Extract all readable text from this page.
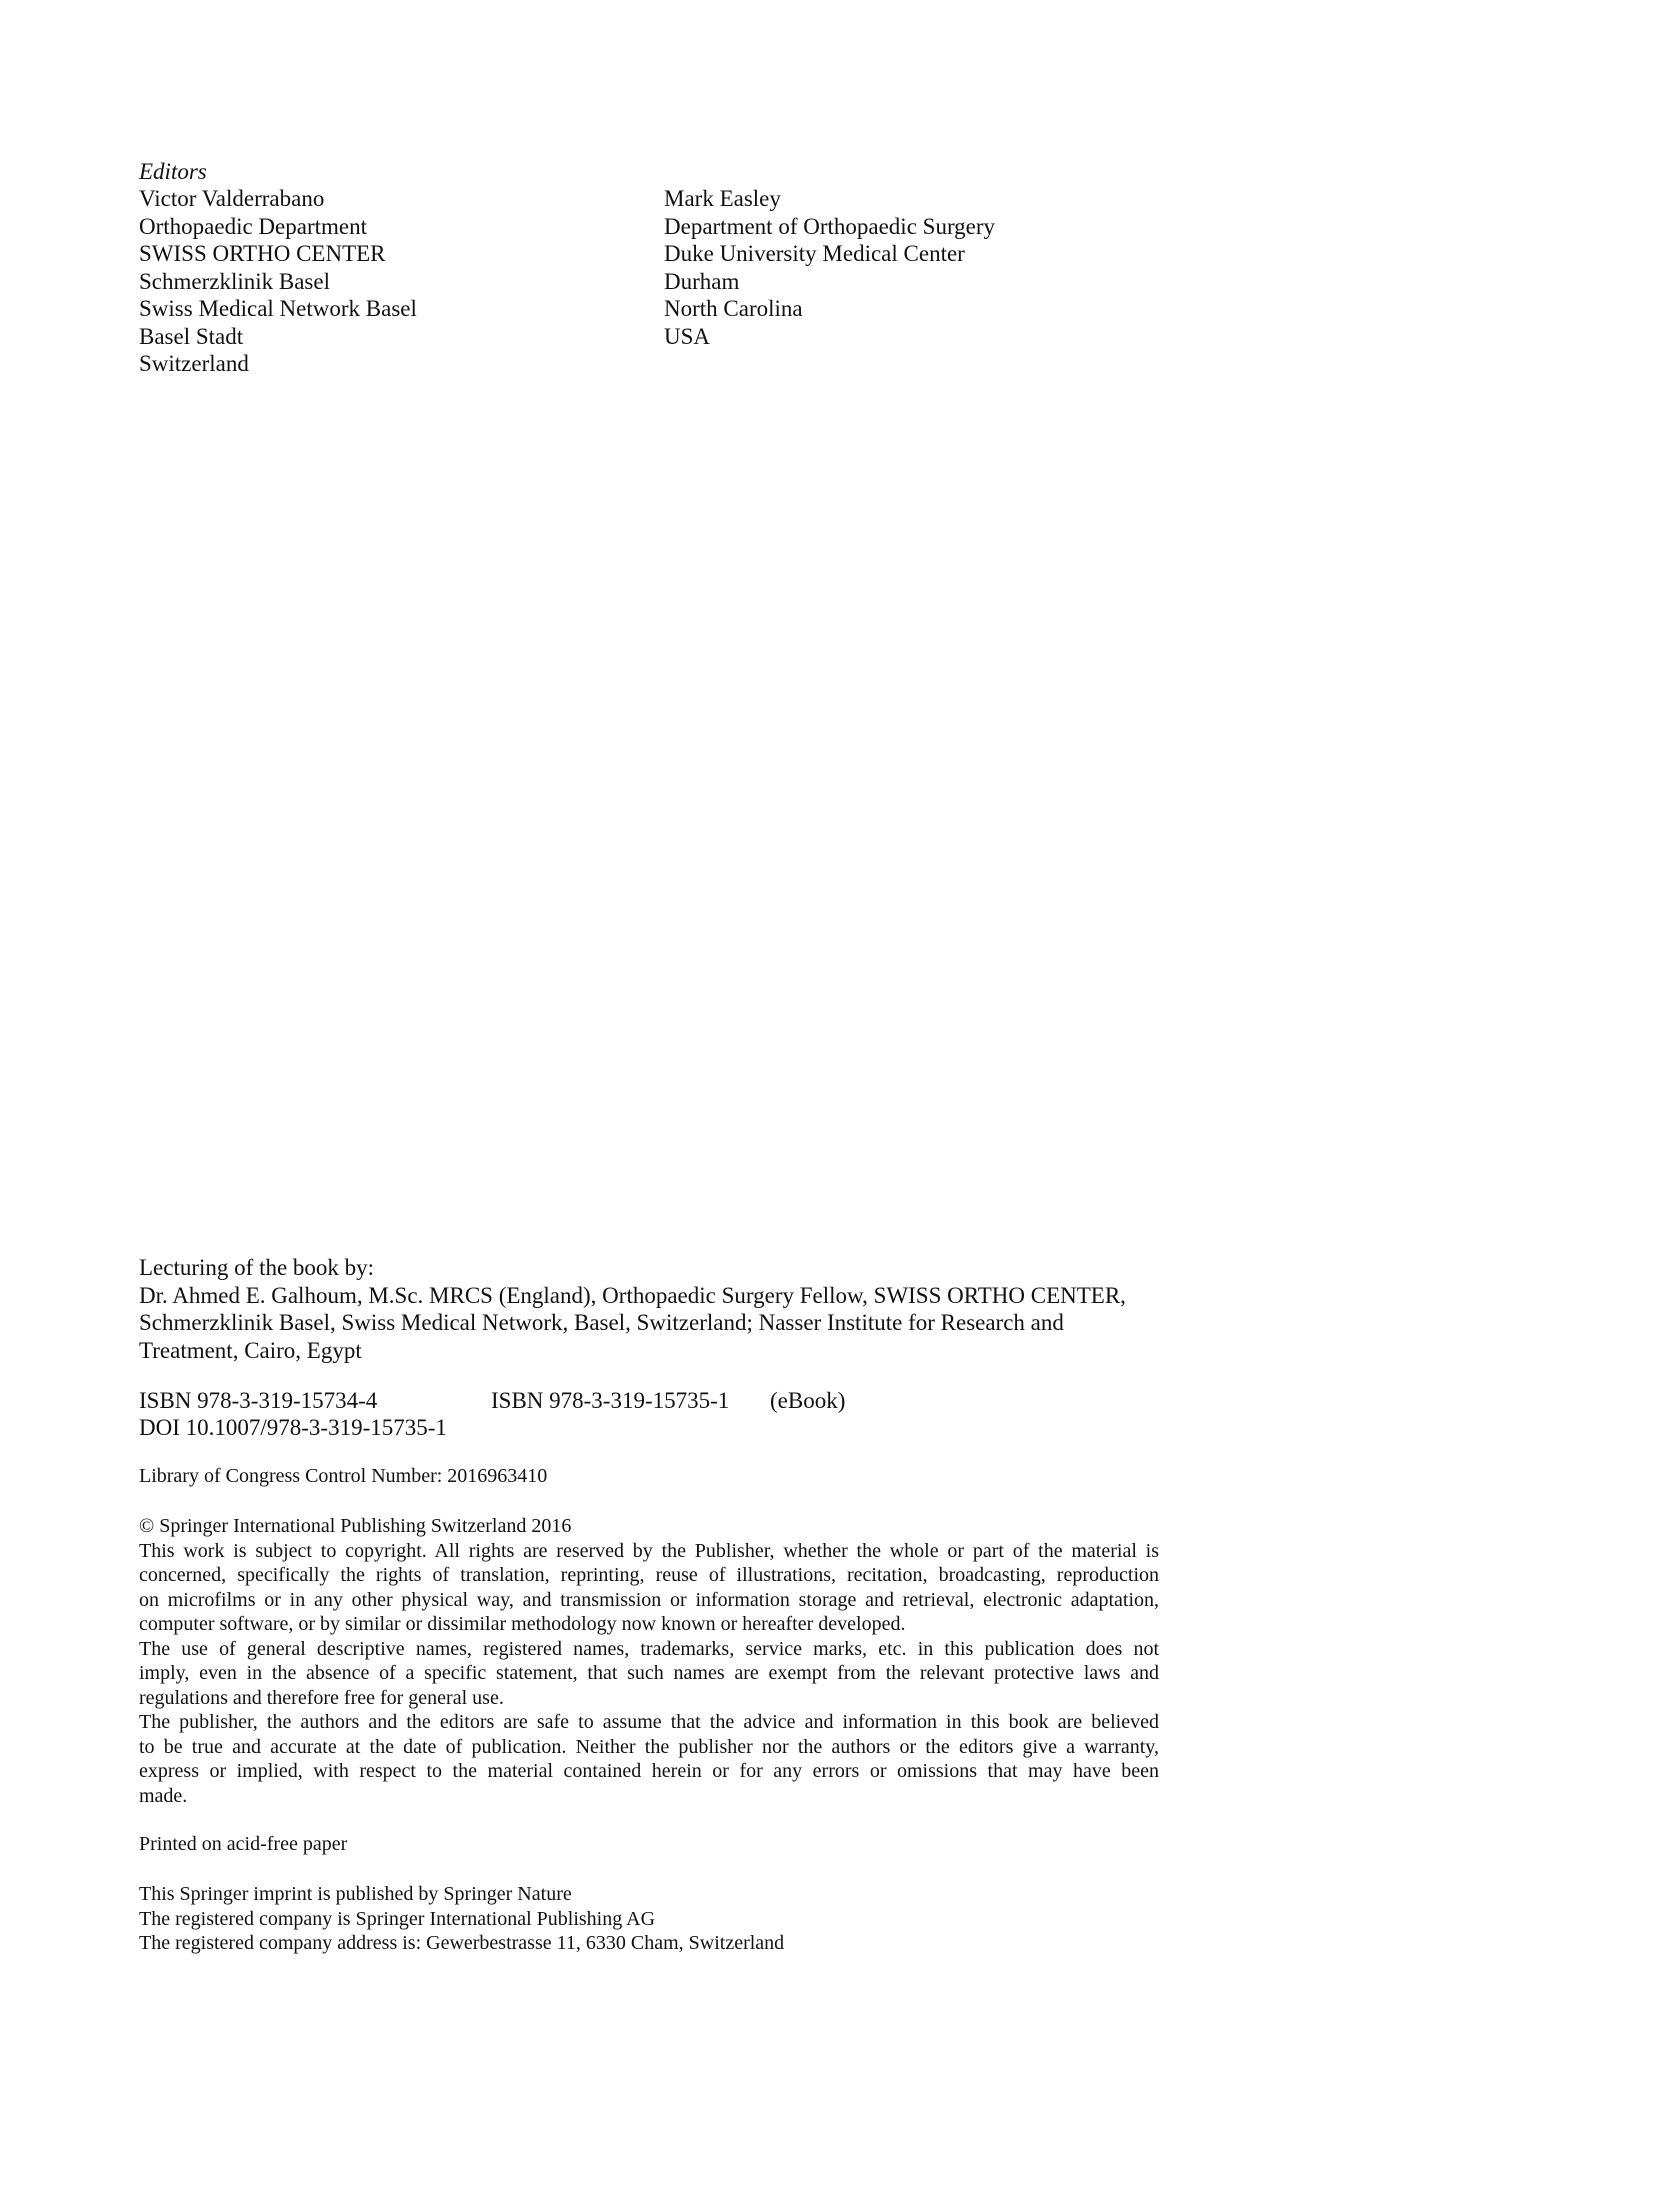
Editors
Victor Valderrabano
Orthopaedic Department
SWISS ORTHO CENTER
Schmerzklinik Basel
Swiss Medical Network Basel
Basel Stadt
Switzerland
Mark Easley
Department of Orthopaedic Surgery
Duke University Medical Center
Durham
North Carolina
USA
Lecturing of the book by:
Dr. Ahmed E. Galhoum, M.Sc. MRCS (England), Orthopaedic Surgery Fellow, SWISS ORTHO CENTER,
Schmerzklinik Basel, Swiss Medical Network, Basel, Switzerland; Nasser Institute for Research and
Treatment, Cairo, Egypt
ISBN 978-3-319-15734-4	ISBN 978-3-319-15735-1 (eBook)
DOI 10.1007/978-3-319-15735-1
Library of Congress Control Number: 2016963410
© Springer International Publishing Switzerland 2016
This work is subject to copyright. All rights are reserved by the Publisher, whether the whole or part of the material is
concerned, specifically the rights of translation, reprinting, reuse of illustrations, recitation, broadcasting, reproduction
on microfilms or in any other physical way, and transmission or information storage and retrieval, electronic adaptation,
computer software, or by similar or dissimilar methodology now known or hereafter developed.
The use of general descriptive names, registered names, trademarks, service marks, etc. in this publication does not
imply, even in the absence of a specific statement, that such names are exempt from the relevant protective laws and
regulations and therefore free for general use.
The publisher, the authors and the editors are safe to assume that the advice and information in this book are believed
to be true and accurate at the date of publication. Neither the publisher nor the authors or the editors give a warranty,
express or implied, with respect to the material contained herein or for any errors or omissions that may have been
made.
Printed on acid-free paper
This Springer imprint is published by Springer Nature
The registered company is Springer International Publishing AG
The registered company address is: Gewerbestrasse 11, 6330 Cham, Switzerland
